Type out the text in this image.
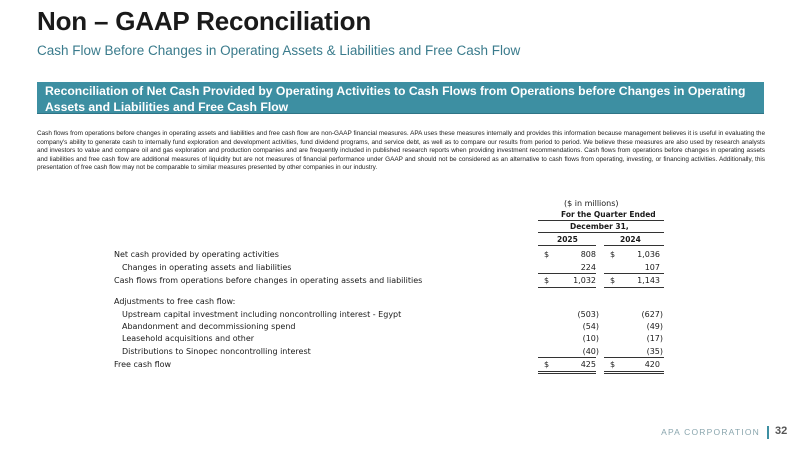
Non – GAAP Reconciliation

Cash Flow Before Changes in Operating Assets & Liabilities and Free Cash Flow

Reconciliation of Net Cash Provided by Operating Activities to Cash Flows from Operations before Changes in Operating Assets and Liabilities and Free Cash Flow

Cash flows from operations before changes in operating assets and liabilities and free cash flow are non-GAAP financial measures. APA uses these measures internally and provides this information because management believes it is useful in evaluating the company's ability to generate cash to internally fund exploration and development activities, fund dividend programs, and service debt, as well as to compare our results from period to period. We believe these measures are also used by research analysts and investors to value and compare oil and gas exploration and production companies and are frequently included in published research reports when providing investment recommendations. Cash flows from operations before changes in operating assets and liabilities and free cash flow are additional measures of liquidity but are not measures of financial performance under GAAP and should not be considered as an alternative to cash flows from operating, investing, or financing activities. Additionally, this presentation of free cash flow may not be comparable to similar measures presented by other companies in our industry.

($ in millions)
For the Quarter Ended
December 31,
2025	2024
Net cash provided by operating activities	$	808 $	1,036
Changes in operating assets and liabilities	224	107
Cash flows from operations before changes in operating assets and liabilities	$	1,032 $	1,143
Adjustments to free cash flow:
Upstream capital investment including noncontrolling interest - Egypt	(503)	(627)
Abandonment and decommissioning spend	(54)	(49)
Leasehold acquisitions and other	(10)	(17)
Distributions to Sinopec noncontrolling interest	(40)	(35)
Free cash flow	$	425 $	420
APA CORPORATION 32
